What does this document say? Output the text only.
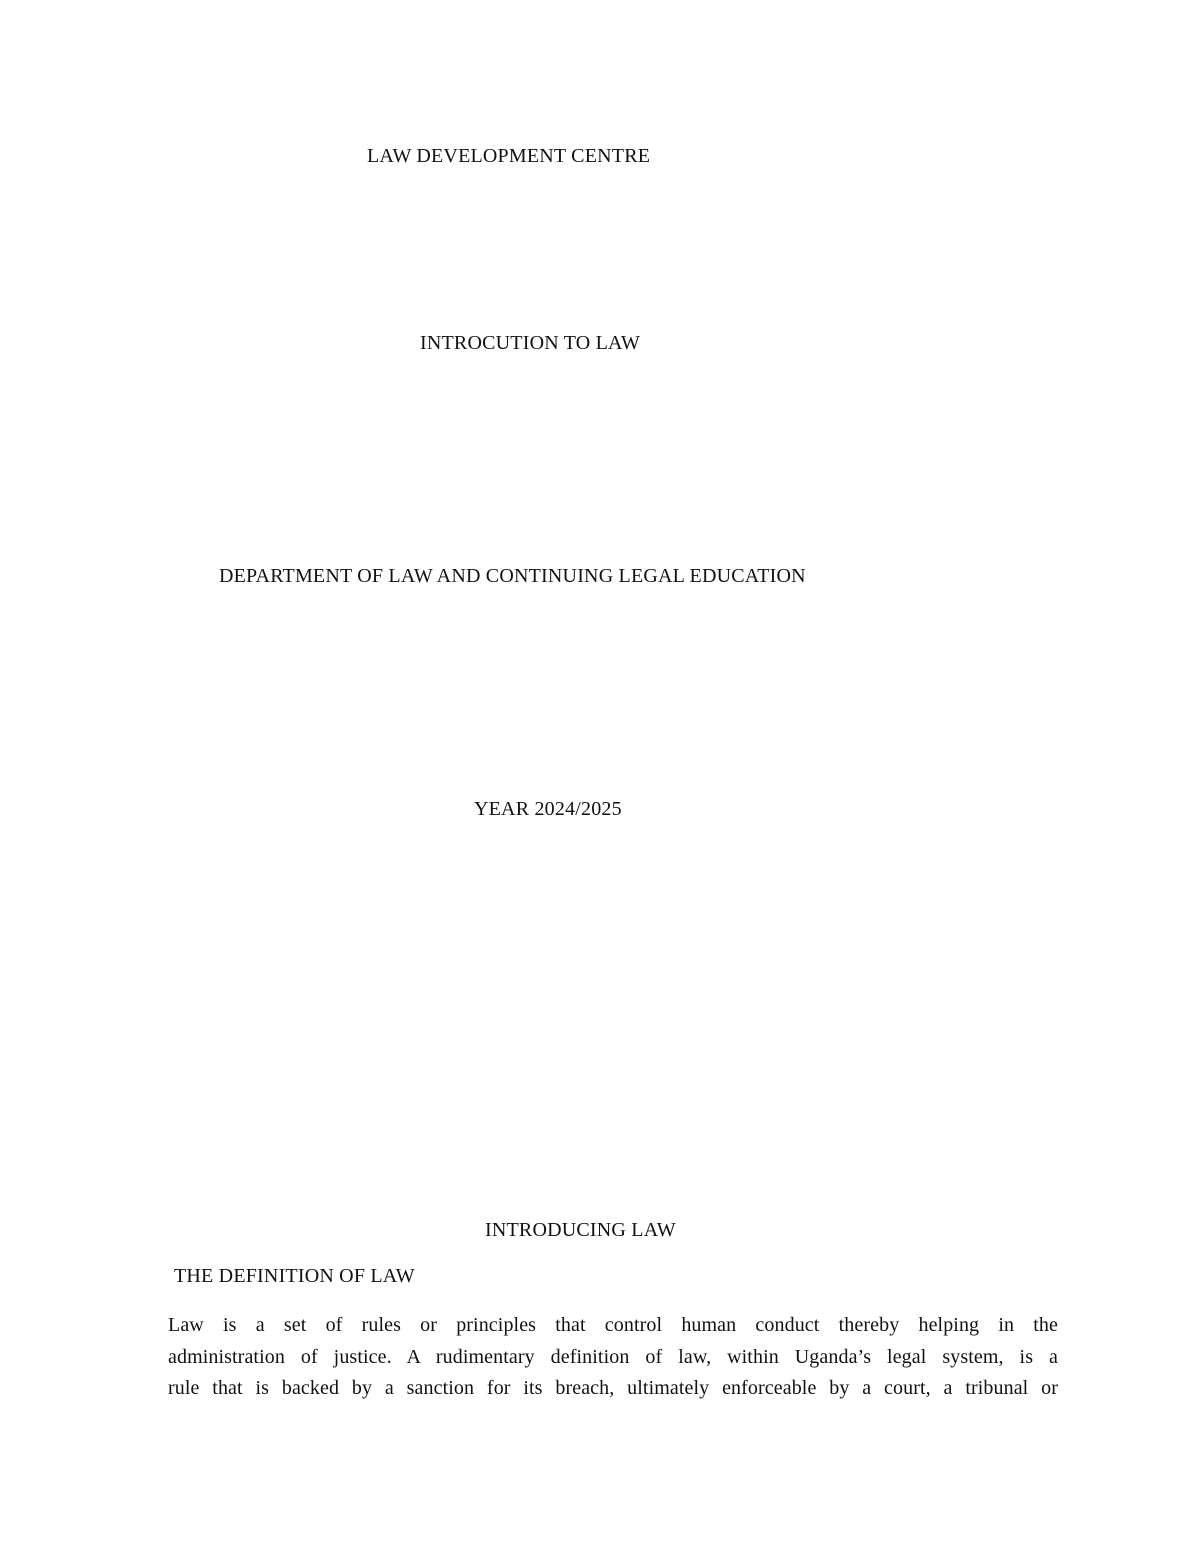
LAW DEVELOPMENT CENTRE
INTROCUTION TO LAW
DEPARTMENT OF LAW AND CONTINUING LEGAL EDUCATION
YEAR 2024/2025
INTRODUCING LAW
THE DEFINITION OF LAW
Law is a set of rules or principles that control human conduct thereby helping in the
administration of justice. A rudimentary definition of law, within Uganda’s legal system, is a
rule that is backed by a sanction for its breach, ultimately enforceable by a court, a tribunal or
